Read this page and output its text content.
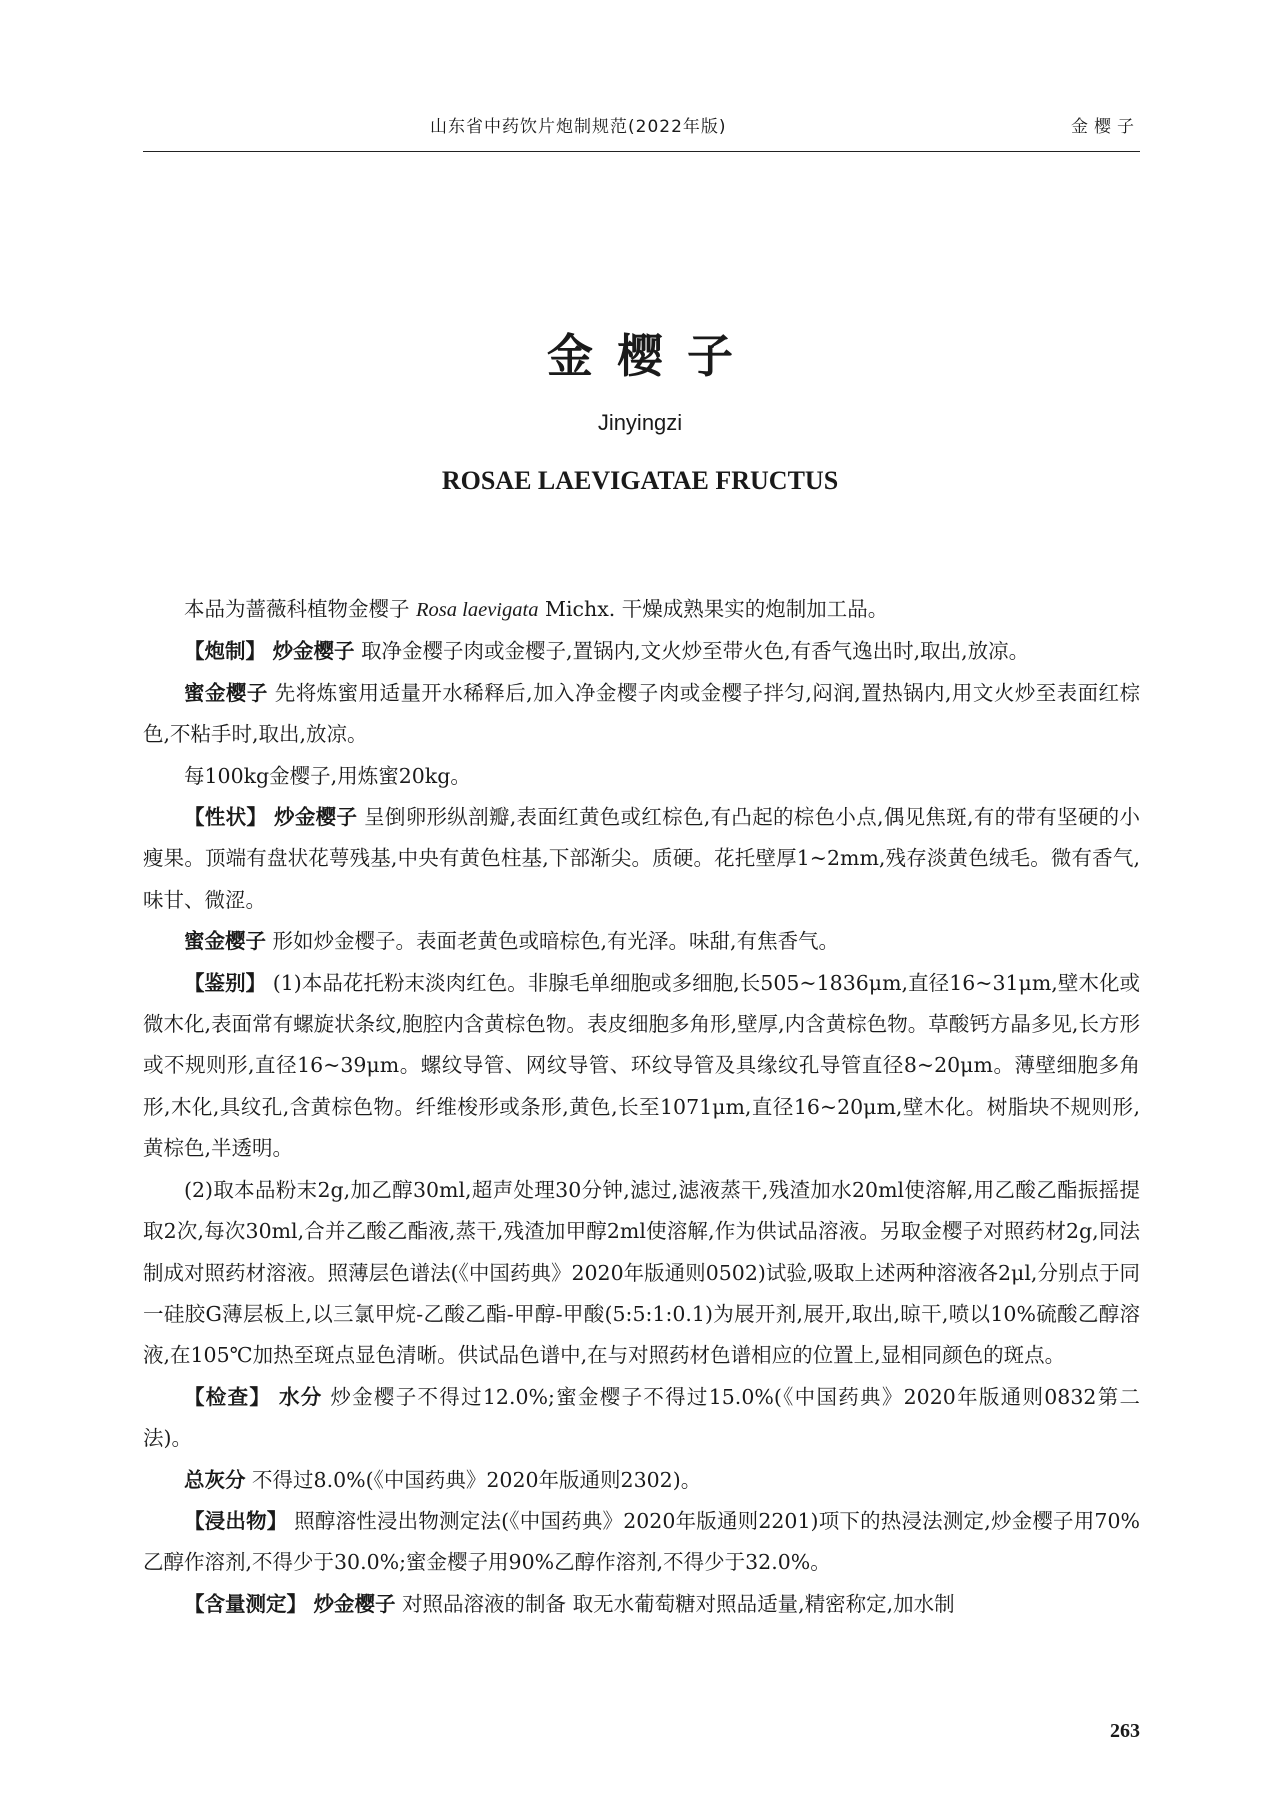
山东省中药饮片炮制规范(2022年版)	金樱子
金樱子
Jinyingzi
ROSAE LAEVIGATAE FRUCTUS

本品为蔷薇科植物金樱子 Rosa laevigata Michx. 干燥成熟果实的炮制加工品。

【炮制】 炒金樱子 取净金樱子肉或金樱子,置锅内,文火炒至带火色,有香气逸出时,取出,放凉。

蜜金樱子 先将炼蜜用适量开水稀释后,加入净金樱子肉或金樱子拌匀,闷润,置热锅内,用文火炒至表面红棕色,不粘手时,取出,放凉。

每100kg金樱子,用炼蜜20kg。

【性状】 炒金樱子 呈倒卵形纵剖瓣,表面红黄色或红棕色,有凸起的棕色小点,偶见焦斑,有的带有坚硬的小瘦果。顶端有盘状花萼残基,中央有黄色柱基,下部渐尖。质硬。花托壁厚1~2mm,残存淡黄色绒毛。微有香气,味甘、微涩。

蜜金樱子 形如炒金樱子。表面老黄色或暗棕色,有光泽。味甜,有焦香气。

【鉴别】 (1)本品花托粉末淡肉红色。非腺毛单细胞或多细胞,长505~1836μm,直径16~31μm,壁木化或微木化,表面常有螺旋状条纹,胞腔内含黄棕色物。表皮细胞多角形,壁厚,内含黄棕色物。草酸钙方晶多见,长方形或不规则形,直径16~39μm。螺纹导管、网纹导管、环纹导管及具缘纹孔导管直径8~20μm。薄壁细胞多角形,木化,具纹孔,含黄棕色物。纤维梭形或条形,黄色,长至1071μm,直径16~20μm,壁木化。树脂块不规则形,黄棕色,半透明。

(2)取本品粉末2g,加乙醇30ml,超声处理30分钟,滤过,滤液蒸干,残渣加水20ml使溶解,用乙酸乙酯振摇提取2次,每次30ml,合并乙酸乙酯液,蒸干,残渣加甲醇2ml使溶解,作为供试品溶液。另取金樱子对照药材2g,同法制成对照药材溶液。照薄层色谱法(《中国药典》2020年版通则0502)试验,吸取上述两种溶液各2μl,分别点于同一硅胶G薄层板上,以三氯甲烷-乙酸乙酯-甲醇-甲酸(5:5:1:0.1)为展开剂,展开,取出,晾干,喷以10%硫酸乙醇溶液,在105℃加热至斑点显色清晰。供试品色谱中,在与对照药材色谱相应的位置上,显相同颜色的斑点。

【检查】 水分 炒金樱子不得过12.0%;蜜金樱子不得过15.0%(《中国药典》2020年版通则0832第二法)。

总灰分 不得过8.0%(《中国药典》2020年版通则2302)。

【浸出物】 照醇溶性浸出物测定法(《中国药典》2020年版通则2201)项下的热浸法测定,炒金樱子用70%乙醇作溶剂,不得少于30.0%;蜜金樱子用90%乙醇作溶剂,不得少于32.0%。

【含量测定】 炒金樱子 对照品溶液的制备 取无水葡萄糖对照品适量,精密称定,加水制

263
